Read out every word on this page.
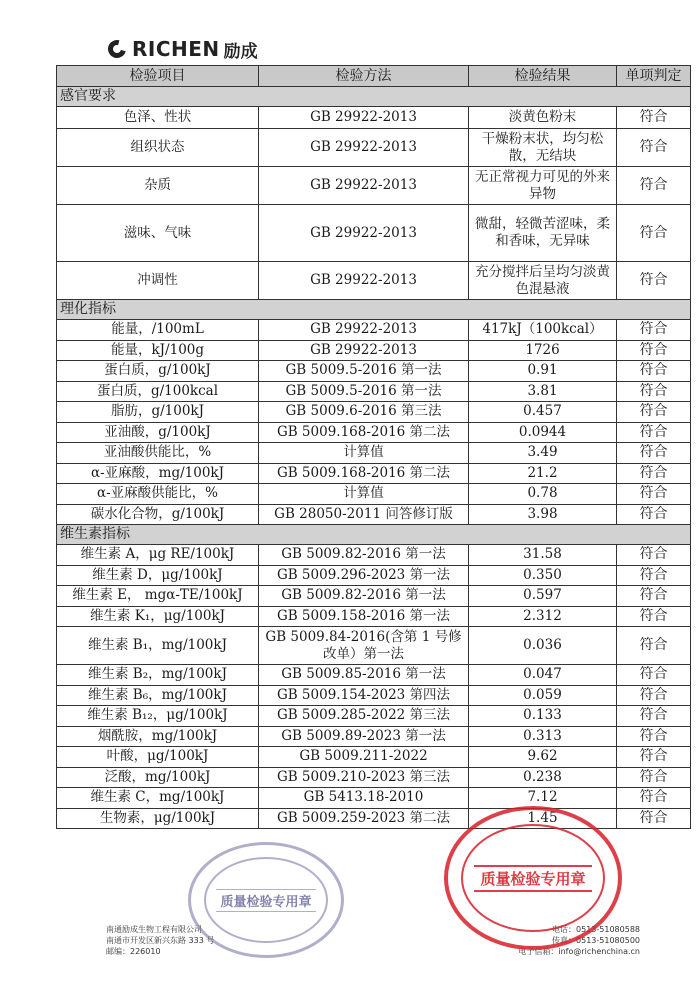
RICHEN 励成
检验项目	检验方法	检验结果	单项判定
感官要求			
色泽、性状	GB 29922-2013	淡黄色粉末	符合
组织状态	GB 29922-2013	干燥粉末状，均匀松散，无结块	符合
杂质	GB 29922-2013	无正常视力可见的外来异物	符合
滋味、气味	GB 29922-2013	微甜，轻微苦涩味，柔和香味，无异味	符合
冲调性	GB 29922-2013	充分搅拌后呈均匀淡黄色混悬液	符合
理化指标			
能量，/100mL	GB 29922-2013	417kJ（100kcal）	符合
能量，kJ/100g	GB 29922-2013	1726	符合
蛋白质，g/100kJ	GB 5009.5-2016 第一法	0.91	符合
蛋白质，g/100kcal	GB 5009.5-2016 第一法	3.81	符合
脂肪，g/100kJ	GB 5009.6-2016 第三法	0.457	符合
亚油酸，g/100kJ	GB 5009.168-2016 第二法	0.0944	符合
亚油酸供能比，%	计算值	3.49	符合
α-亚麻酸，mg/100kJ	GB 5009.168-2016 第二法	21.2	符合
α-亚麻酸供能比，%	计算值	0.78	符合
碳水化合物，g/100kJ	GB 28050-2011 问答修订版	3.98	符合
维生素指标			
维生素 A，μg RE/100kJ	GB 5009.82-2016 第一法	31.58	符合
维生素 D，μg/100kJ	GB 5009.296-2023 第一法	0.350	符合
维生素 E， mgα-TE/100kJ	GB 5009.82-2016 第一法	0.597	符合
维生素 K₁，μg/100kJ	GB 5009.158-2016 第一法	2.312	符合
维生素 B₁，mg/100kJ	GB 5009.84-2016(含第 1 号修改单）第一法	0.036	符合
维生素 B₂，mg/100kJ	GB 5009.85-2016 第一法	0.047	符合
维生素 B₆，mg/100kJ	GB 5009.154-2023 第四法	0.059	符合
维生素 B₁₂，μg/100kJ	GB 5009.285-2022 第三法	0.133	符合
烟酰胺，mg/100kJ	GB 5009.89-2023 第一法	0.313	符合
叶酸，μg/100kJ	GB 5009.211-2022	9.62	符合
泛酸，mg/100kJ	GB 5009.210-2023 第三法	0.238	符合
维生素 C，mg/100kJ	GB 5413.18-2010	7.12	符合
生物素，μg/100kJ	GB 5009.259-2023 第二法	1.45	符合
南通励成生物工程有限公司
南通市开发区新兴东路 333 号
邮编：226010
电话：0513-51080588
传真：0513-51080500
电子信箱：info@richenchina.cn
质量检验专用章
质量检验专用章
